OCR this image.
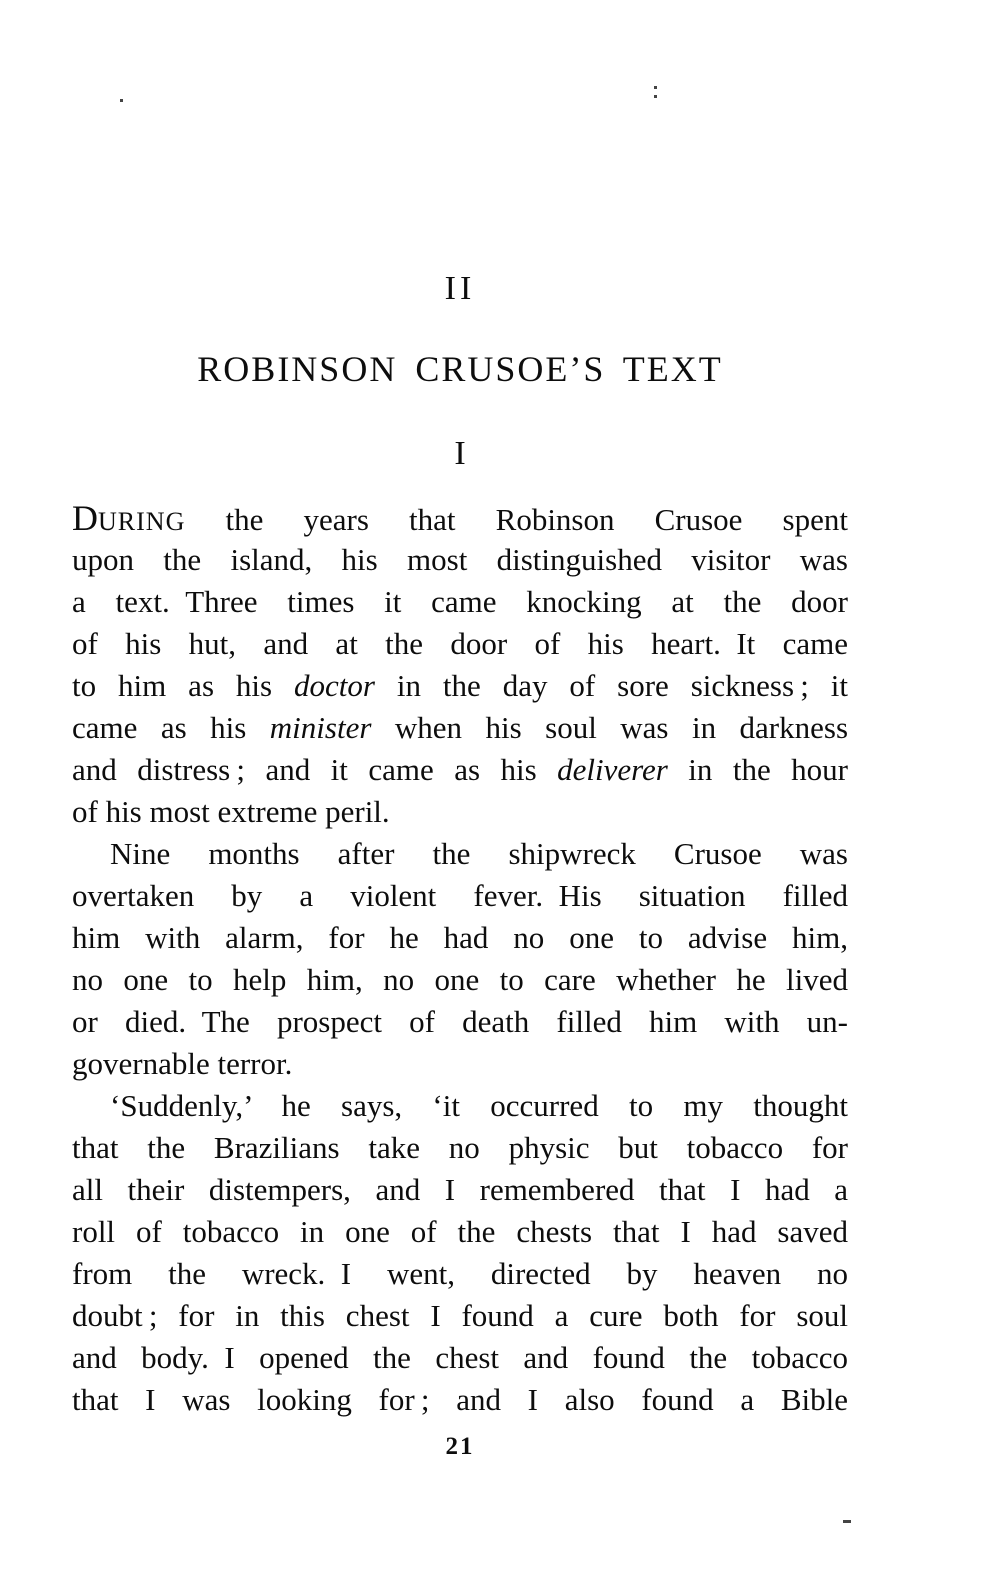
II
ROBINSON CRUSOE’S TEXT
I
DURING the years that Robinson Crusoe spent
upon the island, his most distinguished visitor was
a text. Three times it came knocking at the door
of his hut, and at the door of his heart. It came
to him as his doctor in the day of sore sickness ; it
came as his minister when his soul was in darkness
and distress ; and it came as his deliverer in the hour
of his most extreme peril.
Nine months after the shipwreck Crusoe was
overtaken by a violent fever. His situation filled
him with alarm, for he had no one to advise him,
no one to help him, no one to care whether he lived
or died. The prospect of death filled him with un-
governable terror.
‘Suddenly,’ he says, ‘it occurred to my thought
that the Brazilians take no physic but tobacco for
all their distempers, and I remembered that I had a
roll of tobacco in one of the chests that I had saved
from the wreck. I went, directed by heaven no
doubt ; for in this chest I found a cure both for soul
and body. I opened the chest and found the tobacco
that I was looking for ; and I also found a Bible
21
